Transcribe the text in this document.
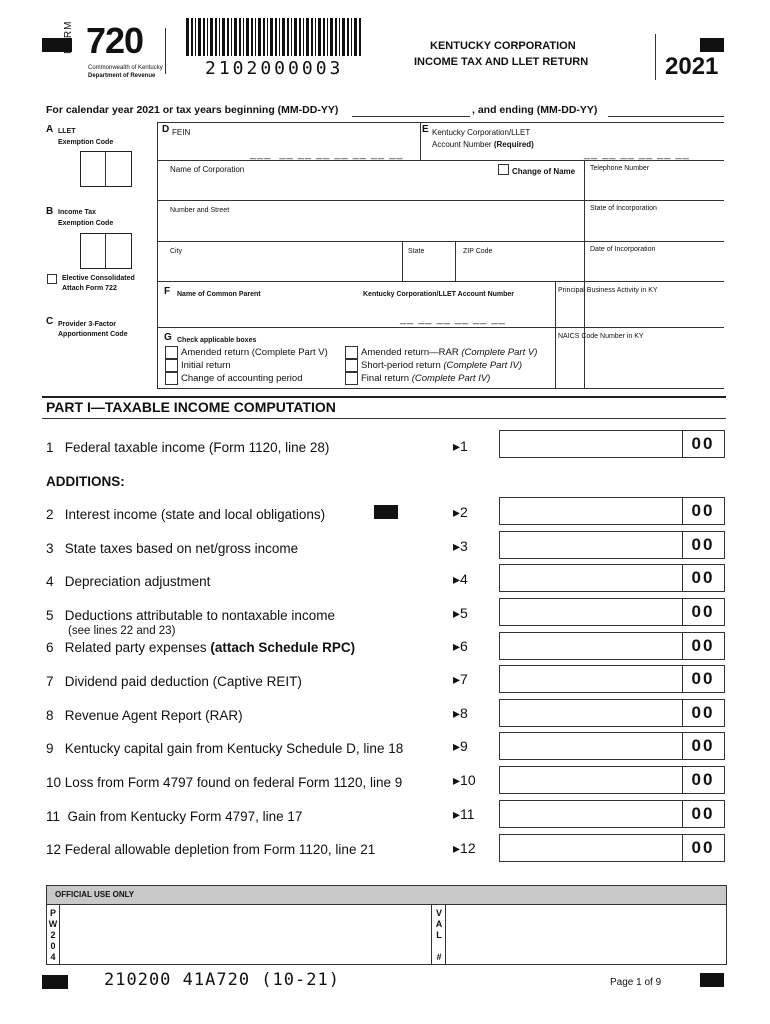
FORM 720
Commonwealth of Kentucky
Department of Revenue	2102000003
KENTUCKY CORPORATION
INCOME TAX AND LLET RETURN	2021
For calendar year 2021 or tax years beginning (MM-DD-YY)	, and ending (MM-DD-YY)
A LLET
Exemption Code
B Income Tax
Exemption Code
Elective Consolidated
Attach Form 722
C Provider 3-Factor
Apportionment Code
D FEIN
___  __ __ __ __ __ __ __
E Kentucky Corporation/LLET
Account Number (Required)
__ __ __ __ __ __
Name of Corporation	Change of Name Telephone Number
Number and Street	State of Incorporation
City	State	ZIP Code	Date of Incorporation
F Name of Common Parent	Kentucky Corporation/LLET Account Number
__ __ __ __ __ __
Principal Business Activity in KY
G Check applicable boxes
NAICS Code Number in KY
Amended return (Complete Part V)
Initial return
Change of accounting period
Amended return—RAR (Complete Part V)
Short-period return (Complete Part IV)
Final return (Complete Part IV)
PART I—TAXABLE INCOME COMPUTATION
1 Federal taxable income (Form 1120, line 28)	▸1	00
ADDITIONS:
2 Interest income (state and local obligations)	▸2	00
3 State taxes based on net/gross income	▸3	00
4 Depreciation adjustment	▸4	00
5 Deductions attributable to nontaxable income
(see lines 22 and 23)
▸5	00
6 Related party expenses (attach Schedule RPC)	▸6	00
7 Dividend paid deduction (Captive REIT)	▸7	00
8 Revenue Agent Report (RAR)	▸8	00
9 Kentucky capital gain from Kentucky Schedule D, line 18	▸9	00
10 Loss from Form 4797 found on federal Form 1120, line 9	▸10	00
11 Gain from Kentucky Form 4797, line 17	▸11	00
12 Federal allowable depletion from Form 1120, line 21	▸12	00
OFFICIAL USE ONLY
P
W
2
0
4
V
A
L
#
210200 41A720 (10-21)	Page 1 of 9
